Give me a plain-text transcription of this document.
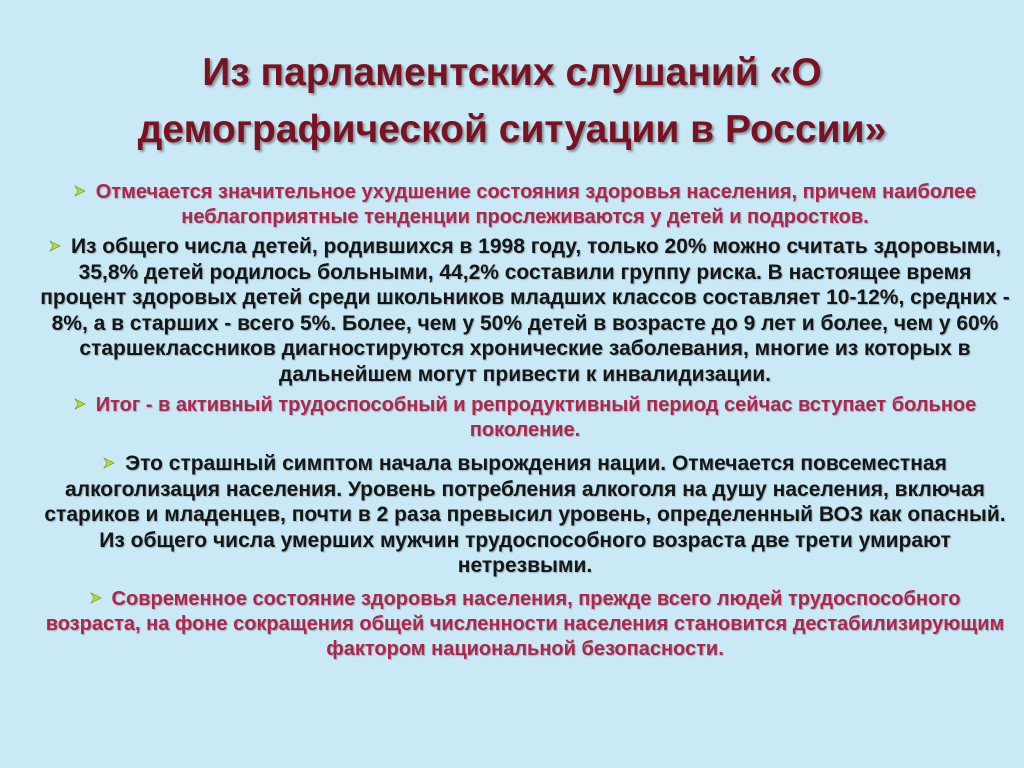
Из парламентских слушаний «О демографической ситуации в России»
Отмечается значительное ухудшение состояния здоровья населения, причем наиболее неблагоприятные тенденции прослеживаются у детей и подростков.
Из общего числа детей, родившихся в 1998 году, только 20% можно считать здоровыми, 35,8% детей родилось больными, 44,2% составили группу риска. В настоящее время процент здоровых детей среди школьников младших классов составляет 10-12%, средних - 8%, а в старших - всего 5%. Более, чем у 50% детей в возрасте до 9 лет и более, чем у 60% старшеклассников диагностируются хронические заболевания, многие из которых в дальнейшем могут привести к инвалидизации.
Итог - в активный трудоспособный и репродуктивный период сейчас вступает больное поколение.
Это страшный симптом начала вырождения нации. Отмечается повсеместная алкоголизация населения. Уровень потребления алкоголя на душу населения, включая стариков и младенцев, почти в 2 раза превысил уровень, определенный ВОЗ как опасный. Из общего числа умерших мужчин трудоспособного возраста две трети умирают нетрезвыми.
Современное состояние здоровья населения, прежде всего людей трудоспособного возраста, на фоне сокращения общей численности населения становится дестабилизирующим фактором национальной безопасности.
